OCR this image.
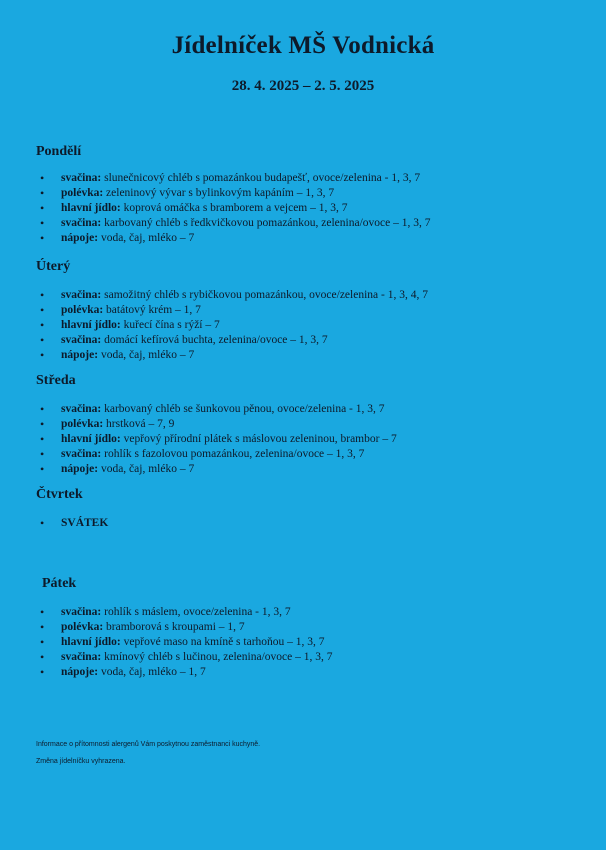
Jídelníček MŠ Vodnická
28. 4. 2025 – 2. 5. 2025
Pondělí
• svačina: slunečnicový chléb s pomazánkou budapešť, ovoce/zelenina - 1, 3, 7
• polévka: zeleninový vývar s bylinkovým kapáním – 1, 3, 7
• hlavní jídlo: koprová omáčka s bramborem a vejcem – 1, 3, 7
• svačina: karbovaný chléb s ředkvičkovou pomazánkou, zelenina/ovoce – 1, 3, 7
• nápoje: voda, čaj, mléko – 7
Úterý
• svačina: samožitný chléb s rybičkovou pomazánkou, ovoce/zelenina - 1, 3, 4, 7
• polévka: batátový krém – 1, 7
• hlavní jídlo: kuřecí čína s rýží – 7
• svačina: domácí kefírová buchta, zelenina/ovoce – 1, 3, 7
• nápoje: voda, čaj, mléko – 7
Středa
• svačina: karbovaný chléb se šunkovou pěnou, ovoce/zelenina - 1, 3, 7
• polévka: hrstková – 7, 9
• hlavní jídlo: vepřový přírodní plátek s máslovou zeleninou, brambor – 7
• svačina: rohlík s fazolovou pomazánkou, zelenina/ovoce – 1, 3, 7
• nápoje: voda, čaj, mléko – 7
Čtvrtek
• SVÁTEK
Pátek
• svačina: rohlík s máslem, ovoce/zelenina - 1, 3, 7
• polévka: bramborová s kroupami – 1, 7
• hlavní jídlo: vepřové maso na kmíně s tarhoňou – 1, 3, 7
• svačina: kmínový chléb s lučinou, zelenina/ovoce – 1, 3, 7
• nápoje: voda, čaj, mléko – 1, 7
Informace o přítomnosti alergenů Vám poskytnou zaměstnanci kuchyně.
Změna jídelníčku vyhrazena.
